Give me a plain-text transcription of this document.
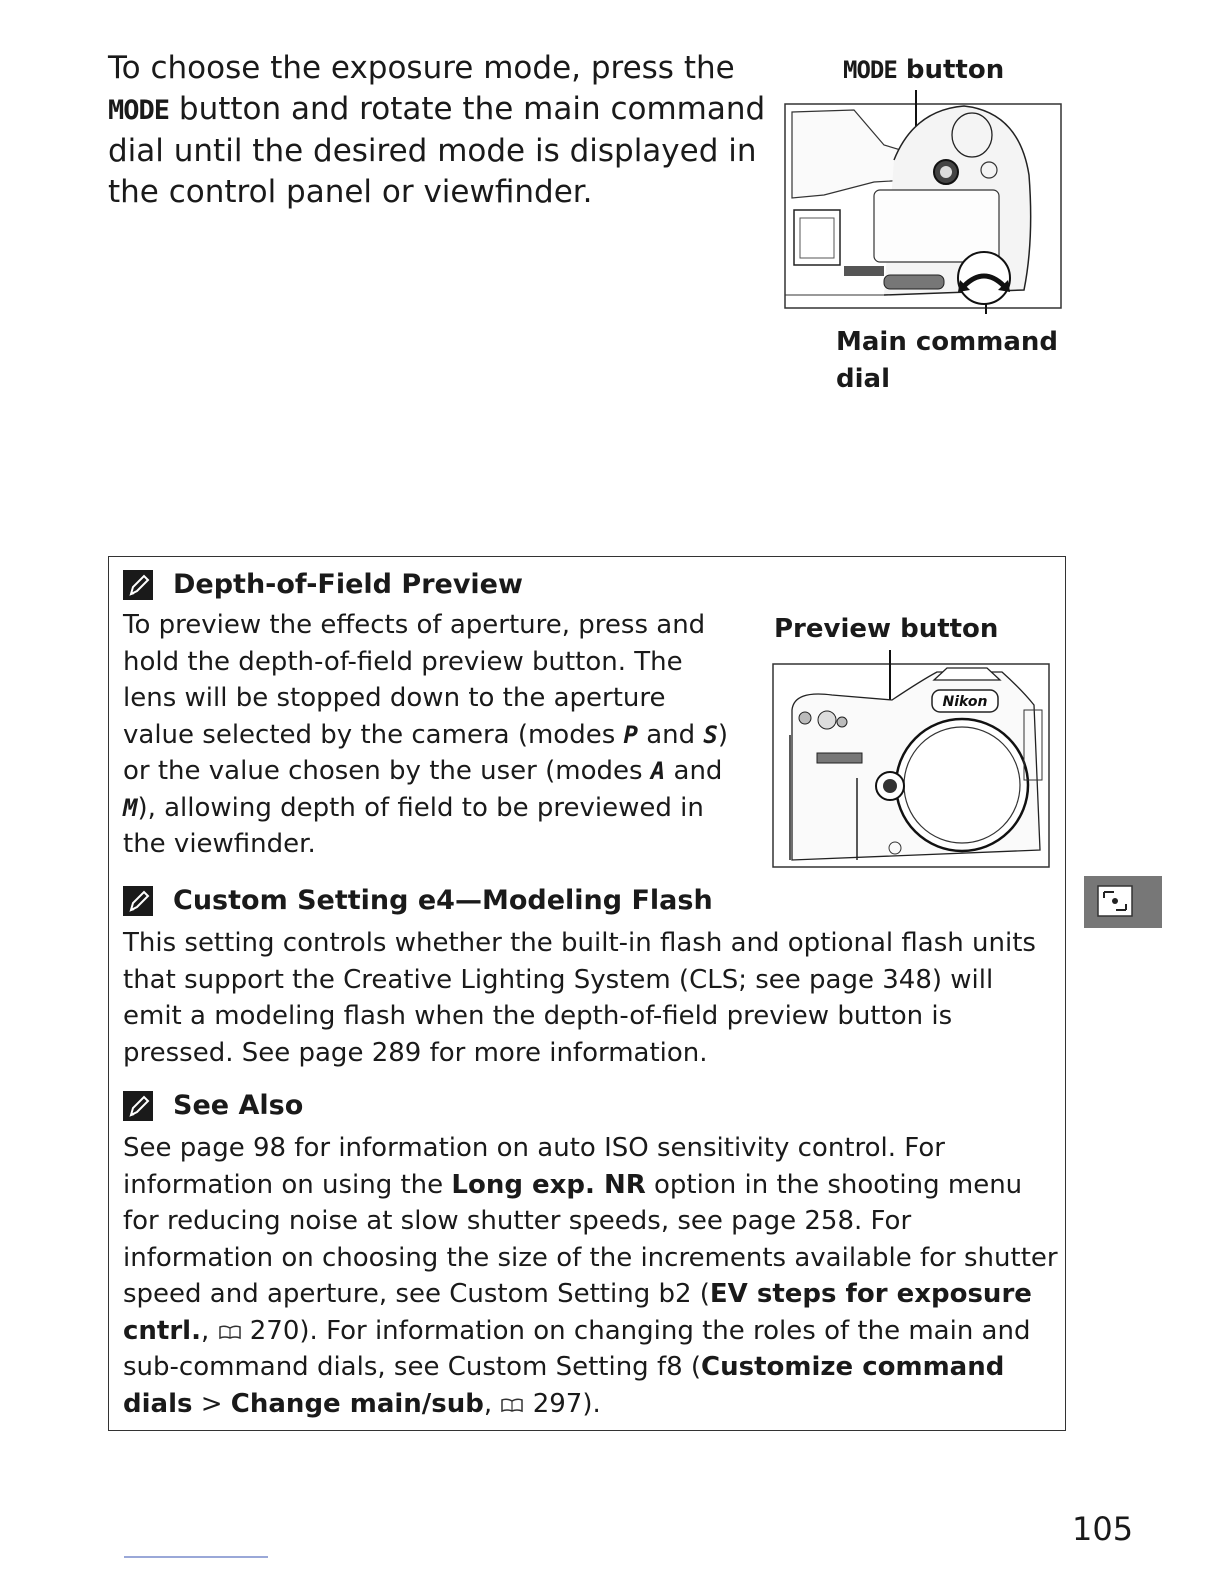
To choose the exposure mode, press the MODE button and rotate the main command dial until the desired mode is displayed in the control panel or viewfinder.
MODE button
Main command dial
Depth-of-Field Preview
To preview the effects of aperture, press and hold the depth-of-field preview button. The lens will be stopped down to the aperture value selected by the camera (modes P and S) or the value chosen by the user (modes A and M), allowing depth of field to be previewed in the viewfinder.
Custom Setting e4—Modeling Flash
This setting controls whether the built-in flash and optional flash units that support the Creative Lighting System (CLS; see page 348) will emit a modeling flash when the depth-of-field preview button is pressed. See page 289 for more information.
See Also
See page 98 for information on auto ISO sensitivity control. For information on using the Long exp. NR option in the shooting menu for reducing noise at slow shutter speeds, see page 258. For information on choosing the size of the increments available for shutter speed and aperture, see Custom Setting b2 (EV steps for exposure cntrl.,  270). For information on changing the roles of the main and sub-command dials, see Custom Setting f8 (Customize command dials > Change main/sub,  297).
Preview button
Nikon
105
